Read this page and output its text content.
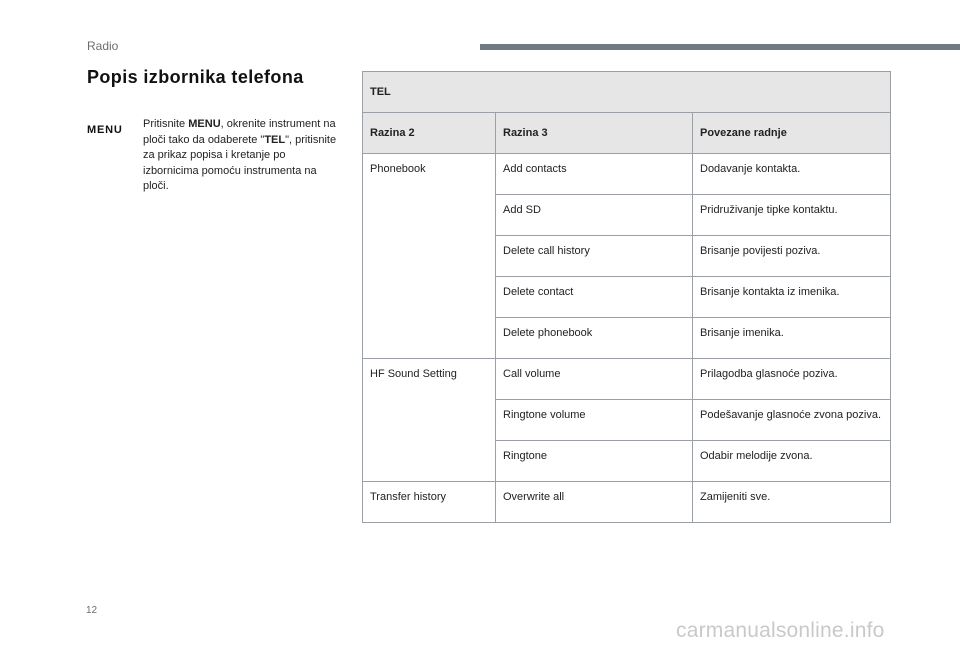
Radio
Popis izbornika telefona
MENU Pritisnite MENU, okrenite instrument na ploči tako da odaberete "TEL", pritisnite za prikaz popisa i kretanje po izbornicima pomoću instrumenta na ploči.
TEL		
Razina 2	Razina 3	Povezane radnje
Phonebook	Add contacts	Dodavanje kontakta.
	Add SD	Pridruživanje tipke kontaktu.
	Delete call history	Brisanje povijesti poziva.
	Delete contact	Brisanje kontakta iz imenika.
	Delete phonebook	Brisanje imenika.
HF Sound Setting	Call volume	Prilagodba glasnoće poziva.
	Ringtone volume	Podešavanje glasnoće zvona poziva.
	Ringtone	Odabir melodije zvona.
Transfer history	Overwrite all	Zamijeniti sve.
12
carmanualsonline.info
